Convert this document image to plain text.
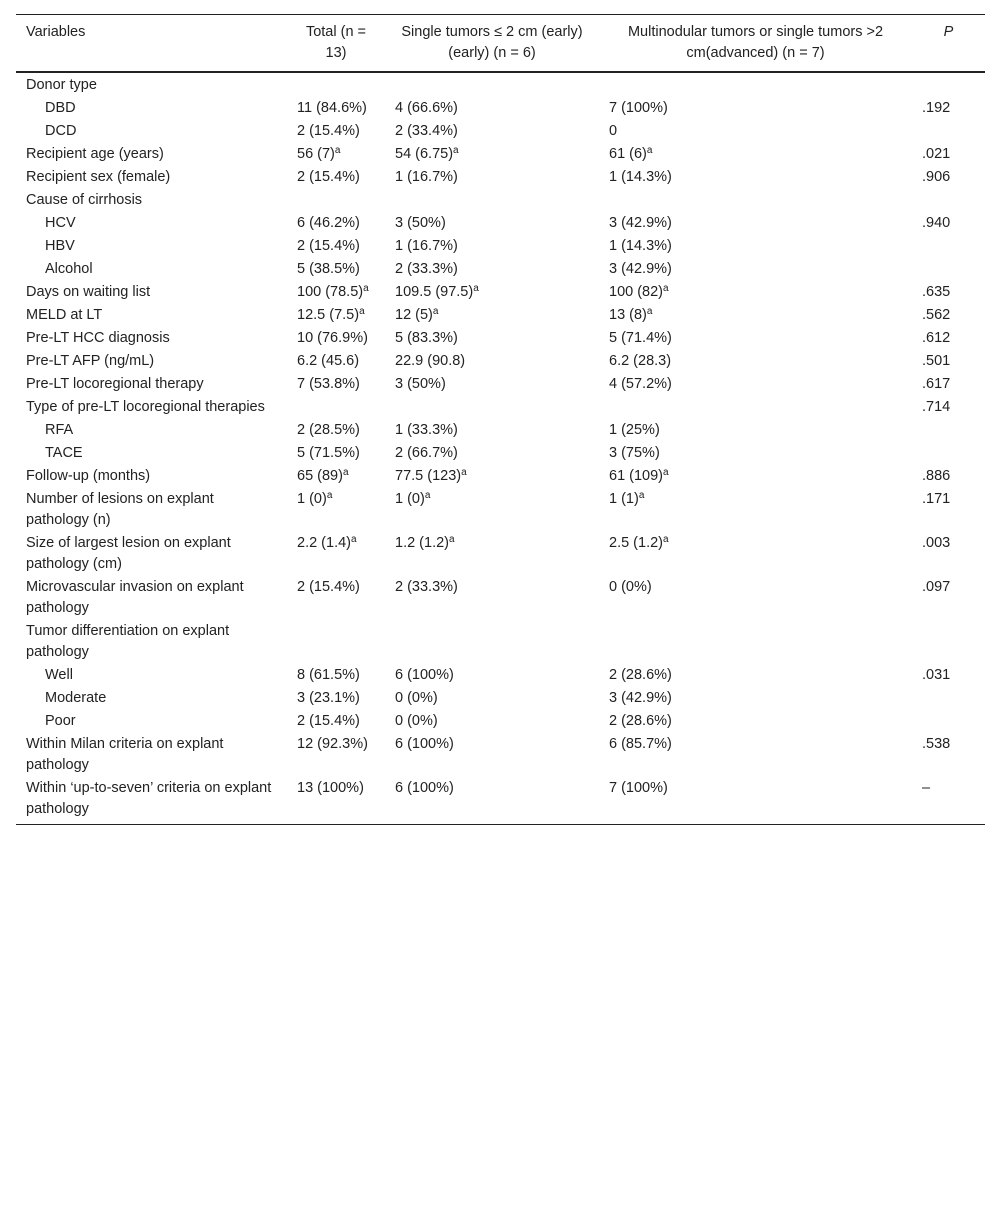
Variables	Total (n = 13)	Single tumors ≤ 2 cm (early)(early) (n = 6)	Multinodular tumors or single tumors >2 cm(advanced) (n = 7)	P
Donor type				
DBD	11 (84.6%)	4 (66.6%)	7 (100%)	.192
DCD	2 (15.4%)	2 (33.4%)	0	
Recipient age (years)	56 $(7)^a$	54 $(6.75)^a$	61 $(6)^a$	.021
Recipient sex (female)	2 (15.4%)	1 (16.7%)	1 (14.3%)	.906
Cause of cirrhosis				
HCV	6 (46.2%)	3 (50%)	3 (42.9%)	.940
HBV	2 (15.4%)	1 (16.7%)	1 (14.3%)	
Alcohol	5 (38.5%)	2 (33.3%)	3 (42.9%)	
Days on waiting list	100 $(78.5)^a$	109.5 $(97.5)^a$	100 $(82)^a$	.635
MELD at LT	12.5 $(7.5)^a$	12 $(5)^a$	13 $(8)^a$	.562
Pre-LT HCC diagnosis	10 (76.9%)	5 (83.3%)	5 (71.4%)	.612
Pre-LT AFP (ng/mL)	6.2 (45.6)	22.9 (90.8)	6.2 (28.3)	.501
Pre-LT locoregional therapy	7 (53.8%)	3 (50%)	4 (57.2%)	.617
Type of pre-LT locoregional therapies				.714
RFA	2 (28.5%)	1 (33.3%)	1 (25%)	
TACE	5 (71.5%)	2 (66.7%)	3 (75%)	
Follow-up (months)	65 $(89)^a$	77.5 $(123)^a$	61 $(109)^a$	.886
Number of lesions on explant pathology (n)	1 $(0)^a$	1 $(0)^a$	1 $(1)^a$	.171
Size of largest lesion on explant pathology (cm)	2.2 $(1.4)^a$	1.2 $(1.2)^a$	2.5 $(1.2)^a$	.003
Microvascular invasion on explant pathology	2 (15.4%)	2 (33.3%)	0 (0%)	.097
Tumor differentiation on explant pathology				
Well	8 (61.5%)	6 (100%)	2 (28.6%)	.031
Moderate	3 (23.1%)	0 (0%)	3 (42.9%)	
Poor	2 (15.4%)	0 (0%)	2 (28.6%)	
Within Milan criteria on explant pathology	12 (92.3%)	6 (100%)	6 (85.7%)	.538
Within ‘up-to-seven’ criteria on explant pathology	13 (100%)	6 (100%)	7 (100%)	–
